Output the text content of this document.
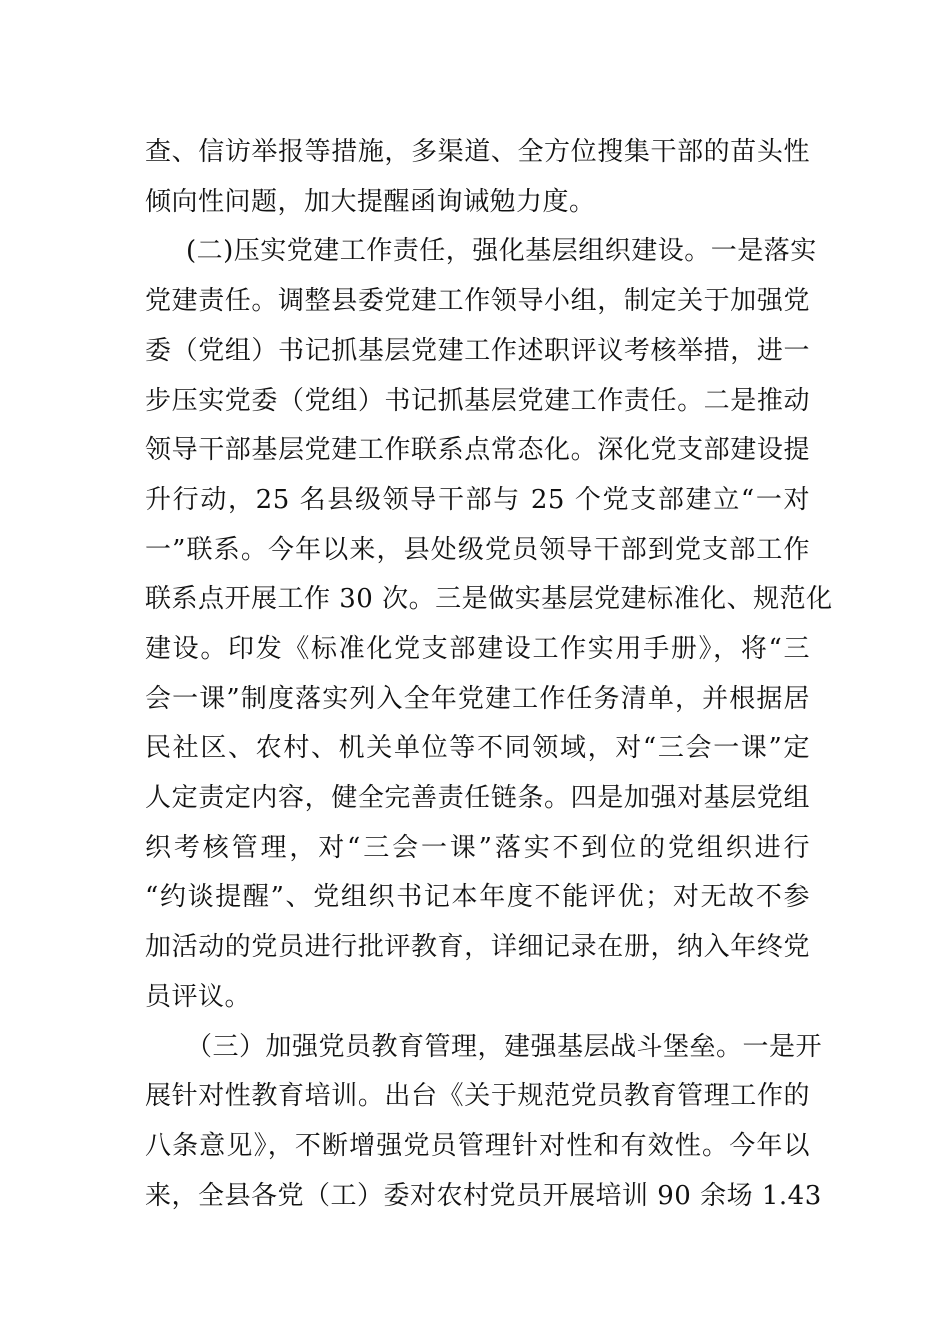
查、信访举报等措施，多渠道、全方位搜集干部的苗头性
倾向性问题，加大提醒函询诫勉力度。
(二)压实党建工作责任，强化基层组织建设。一是落实
党建责任。调整县委党建工作领导小组，制定关于加强党
委（党组）书记抓基层党建工作述职评议考核举措，进一
步压实党委（党组）书记抓基层党建工作责任。二是推动
领导干部基层党建工作联系点常态化。深化党支部建设提
升行动，25 名县级领导干部与 25 个党支部建立“一对
一”联系。今年以来，县处级党员领导干部到党支部工作
联系点开展工作 30 次。三是做实基层党建标准化、规范化
建设。印发《标准化党支部建设工作实用手册》，将“三
会一课”制度落实列入全年党建工作任务清单，并根据居
民社区、农村、机关单位等不同领域，对“三会一课”定
人定责定内容，健全完善责任链条。四是加强对基层党组
织考核管理，对“三会一课”落实不到位的党组织进行
“约谈提醒”、党组织书记本年度不能评优；对无故不参
加活动的党员进行批评教育，详细记录在册，纳入年终党
员评议。
（三）加强党员教育管理，建强基层战斗堡垒。一是开
展针对性教育培训。出台《关于规范党员教育管理工作的
八条意见》，不断增强党员管理针对性和有效性。今年以
来，全县各党（工）委对农村党员开展培训 90 余场 1.43
